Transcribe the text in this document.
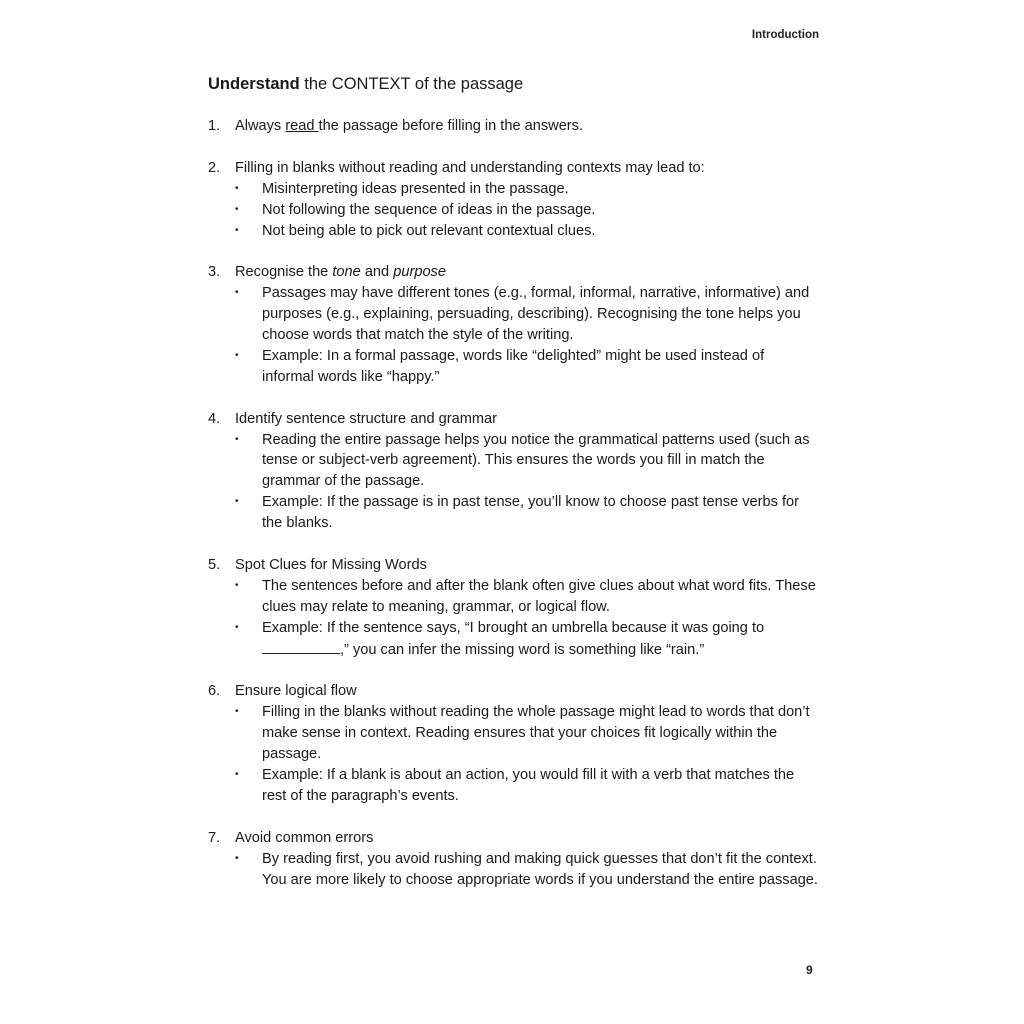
Introduction
Understand the CONTEXT of the passage
1. Always read the passage before filling in the answers.
2. Filling in blanks without reading and understanding contexts may lead to:
• Misinterpreting ideas presented in the passage.
• Not following the sequence of ideas in the passage.
• Not being able to pick out relevant contextual clues.
3. Recognise the tone and purpose
• Passages may have different tones (e.g., formal, informal, narrative, informative) and purposes (e.g., explaining, persuading, describing). Recognising the tone helps you choose words that match the style of the writing.
• Example: In a formal passage, words like “delighted” might be used instead of informal words like “happy.”
4. Identify sentence structure and grammar
• Reading the entire passage helps you notice the grammatical patterns used (such as tense or subject-verb agreement). This ensures the words you fill in match the grammar of the passage.
• Example: If the passage is in past tense, you’ll know to choose past tense verbs for the blanks.
5. Spot Clues for Missing Words
• The sentences before and after the blank often give clues about what word fits. These clues may relate to meaning, grammar, or logical flow.
• Example: If the sentence says, “I brought an umbrella because it was going to ,” you can infer the missing word is something like “rain.”
6. Ensure logical flow
• Filling in the blanks without reading the whole passage might lead to words that don’t make sense in context. Reading ensures that your choices fit logically within the passage.
• Example: If a blank is about an action, you would fill it with a verb that matches the rest of the paragraph’s events.
7. Avoid common errors
• By reading first, you avoid rushing and making quick guesses that don’t fit the context. You are more likely to choose appropriate words if you understand the entire passage.
9
